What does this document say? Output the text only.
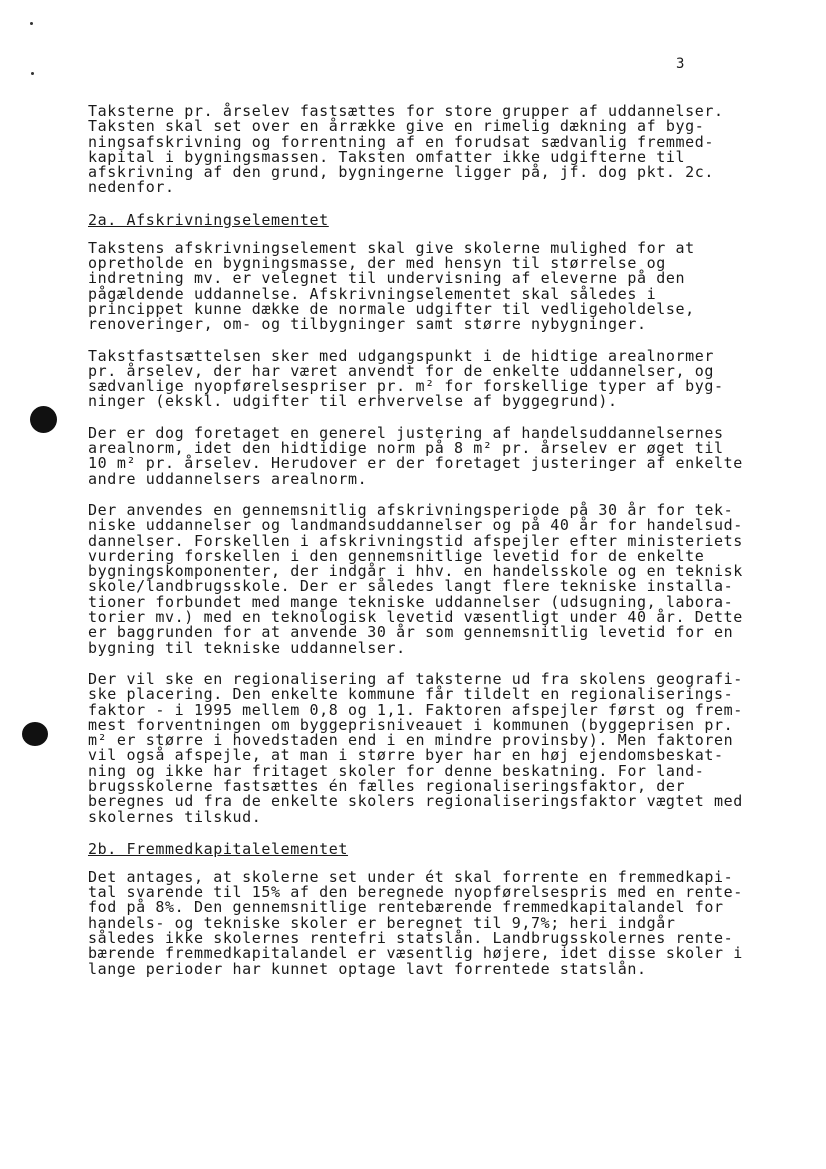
3
Taksterne pr. årselev fastsættes for store grupper af uddannelser.
Taksten skal set over en årrække give en rimelig dækning af byg-
ningsafskrivning og forrentning af en forudsat sædvanlig fremmed-
kapital i bygningsmassen. Taksten omfatter ikke udgifterne til
afskrivning af den grund, bygningerne ligger på, jf. dog pkt. 2c.
nedenfor.
2a. Afskrivningselementet
Takstens afskrivningselement skal give skolerne mulighed for at
opretholde en bygningsmasse, der med hensyn til størrelse og
indretning mv. er velegnet til undervisning af eleverne på den
pågældende uddannelse. Afskrivningselementet skal således i
princippet kunne dække de normale udgifter til vedligeholdelse,
renoveringer, om- og tilbygninger samt større nybygninger.
Takstfastsættelsen sker med udgangspunkt i de hidtige arealnormer
pr. årselev, der har været anvendt for de enkelte uddannelser, og
sædvanlige nyopførelsespriser pr. m² for forskellige typer af byg-
ninger (ekskl. udgifter til erhvervelse af byggegrund).
Der er dog foretaget en generel justering af handelsuddannelsernes
arealnorm, idet den hidtidige norm på 8 m² pr. årselev er øget til
10 m² pr. årselev. Herudover er der foretaget justeringer af enkelte
andre uddannelsers arealnorm.
Der anvendes en gennemsnitlig afskrivningsperiode på 30 år for tek-
niske uddannelser og landmandsuddannelser og på 40 år for handelsud-
dannelser. Forskellen i afskrivningstid afspejler efter ministeriets
vurdering forskellen i den gennemsnitlige levetid for de enkelte
bygningskomponenter, der indgår i hhv. en handelsskole og en teknisk
skole/landbrugsskole. Der er således langt flere tekniske installa-
tioner forbundet med mange tekniske uddannelser (udsugning, labora-
torier mv.) med en teknologisk levetid væsentligt under 40 år. Dette
er baggrunden for at anvende 30 år som gennemsnitlig levetid for en
bygning til tekniske uddannelser.
Der vil ske en regionalisering af taksterne ud fra skolens geografi-
ske placering. Den enkelte kommune får tildelt en regionaliserings-
faktor - i 1995 mellem 0,8 og 1,1. Faktoren afspejler først og frem-
mest forventningen om byggeprisniveauet i kommunen (byggeprisen pr.
m² er større i hovedstaden end i en mindre provinsby). Men faktoren
vil også afspejle, at man i større byer har en høj ejendomsbeskat-
ning og ikke har fritaget skoler for denne beskatning. For land-
brugsskolerne fastsættes én fælles regionaliseringsfaktor, der
beregnes ud fra de enkelte skolers regionaliseringsfaktor vægtet med
skolernes tilskud.
2b. Fremmedkapitalelementet
Det antages, at skolerne set under ét skal forrente en fremmedkapi-
tal svarende til 15% af den beregnede nyopførelsespris med en rente-
fod på 8%. Den gennemsnitlige rentebærende fremmedkapitalandel for
handels- og tekniske skoler er beregnet til 9,7%; heri indgår
således ikke skolernes rentefri statslån. Landbrugsskolernes rente-
bærende fremmedkapitalandel er væsentlig højere, idet disse skoler i
lange perioder har kunnet optage lavt forrentede statslån.
